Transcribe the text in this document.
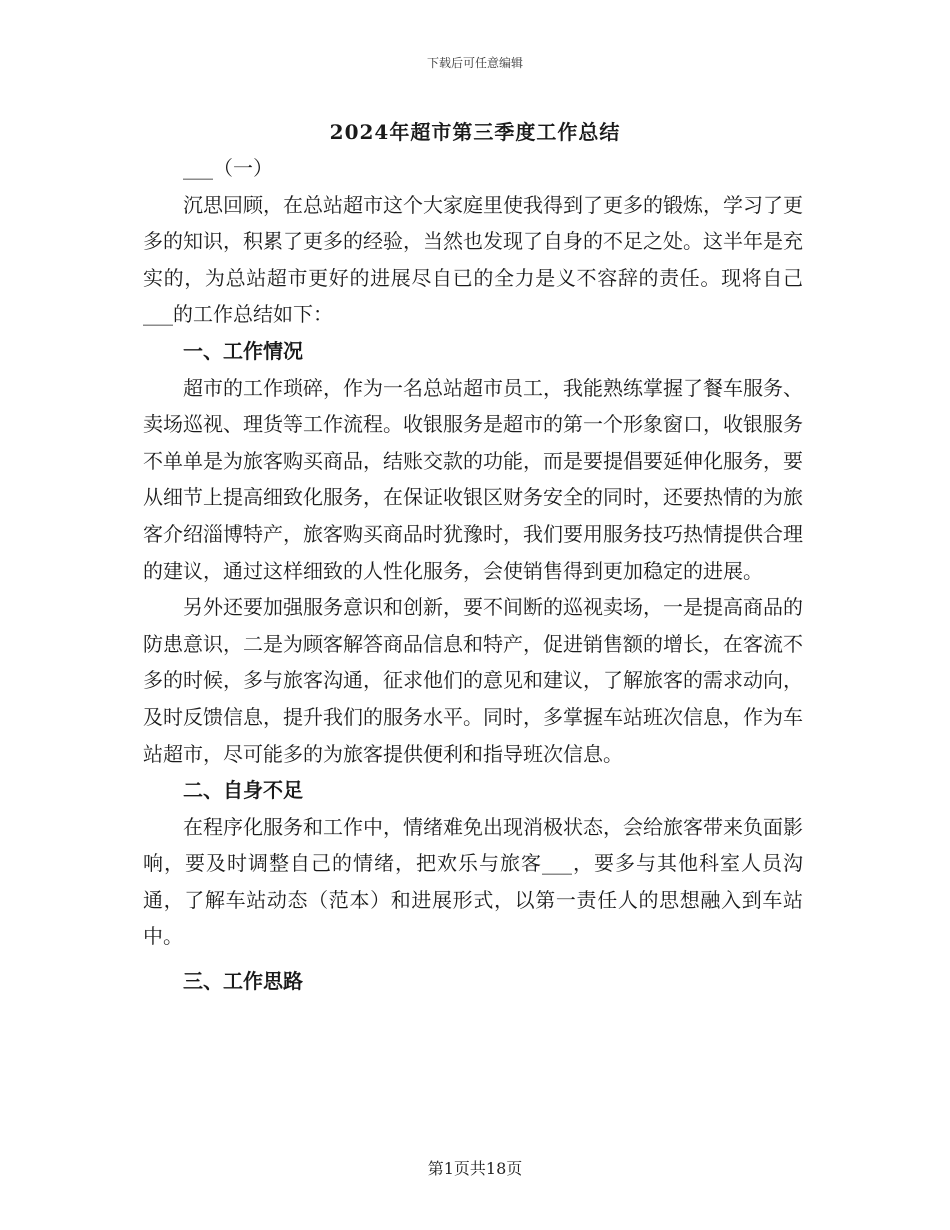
下载后可任意编辑
2024年超市第三季度工作总结

___（一）

沉思回顾，在总站超市这个大家庭里使我得到了更多的锻炼，学习了更多的知识，积累了更多的经验，当然也发现了自身的不足之处。这半年是充实的，为总站超市更好的进展尽自已的全力是义不容辞的责任。现将自己___的工作总结如下：

一、工作情况

超市的工作琐碎，作为一名总站超市员工，我能熟练掌握了餐车服务、卖场巡视、理货等工作流程。收银服务是超市的第一个形象窗口，收银服务不单单是为旅客购买商品，结账交款的功能，而是要提倡要延伸化服务，要从细节上提高细致化服务，在保证收银区财务安全的同时，还要热情的为旅客介绍淄博特产，旅客购买商品时犹豫时，我们要用服务技巧热情提供合理的建议，通过这样细致的人性化服务，会使销售得到更加稳定的进展。

另外还要加强服务意识和创新，要不间断的巡视卖场，一是提高商品的防患意识，二是为顾客解答商品信息和特产，促进销售额的增长，在客流不多的时候，多与旅客沟通，征求他们的意见和建议，了解旅客的需求动向，及时反馈信息，提升我们的服务水平。同时，多掌握车站班次信息，作为车站超市，尽可能多的为旅客提供便利和指导班次信息。

二、自身不足

在程序化服务和工作中，情绪难免出现消极状态，会给旅客带来负面影响，要及时调整自己的情绪，把欢乐与旅客___，要多与其他科室人员沟通，了解车站动态（范本）和进展形式，以第一责任人的思想融入到车站中。

三、工作思路

第1页共18页
